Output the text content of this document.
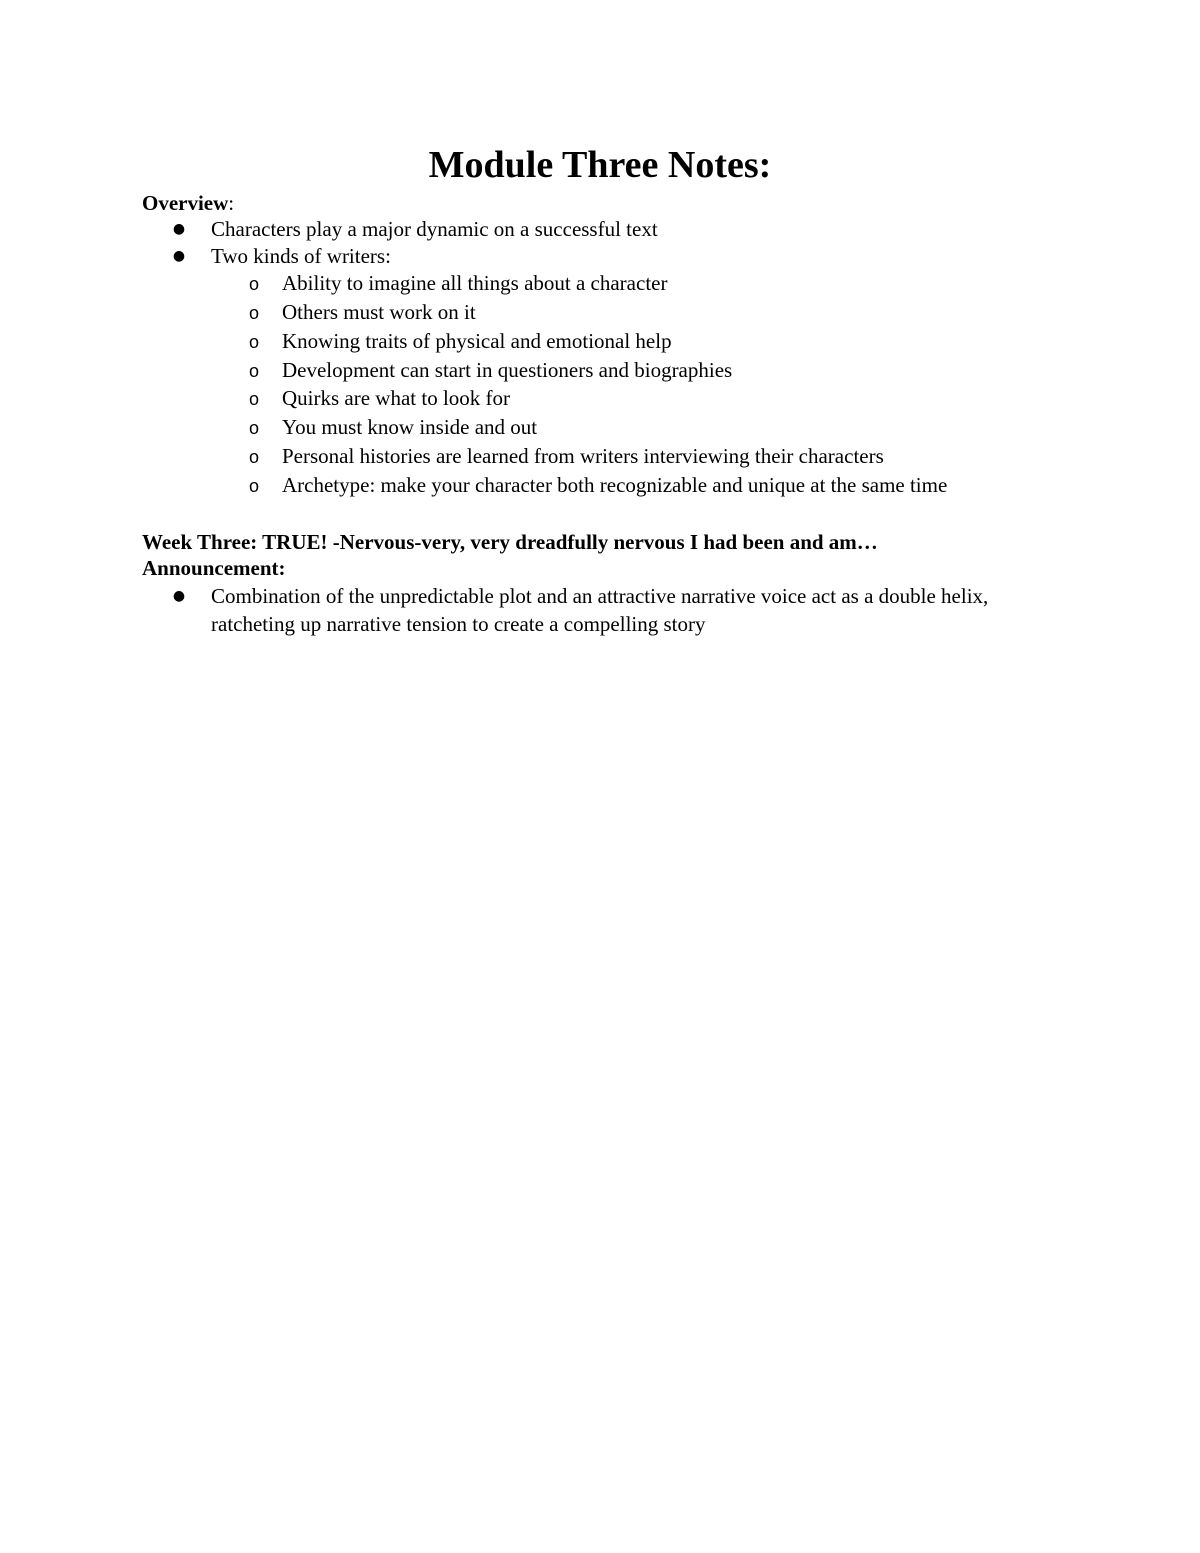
Module Three Notes:

Overview:

● Characters play a major dynamic on a successful text
● Two kinds of writers:
o Ability to imagine all things about a character
o Others must work on it
o Knowing traits of physical and emotional help
o Development can start in questioners and biographies
o Quirks are what to look for
o You must know inside and out
o Personal histories are learned from writers interviewing their characters
o Archetype: make your character both recognizable and unique at the same time

Week Three: TRUE! -Nervous-very, very dreadfully nervous I had been and am…

Announcement:

● Combination of the unpredictable plot and an attractive narrative voice act as a double helix, ratcheting up narrative tension to create a compelling story
